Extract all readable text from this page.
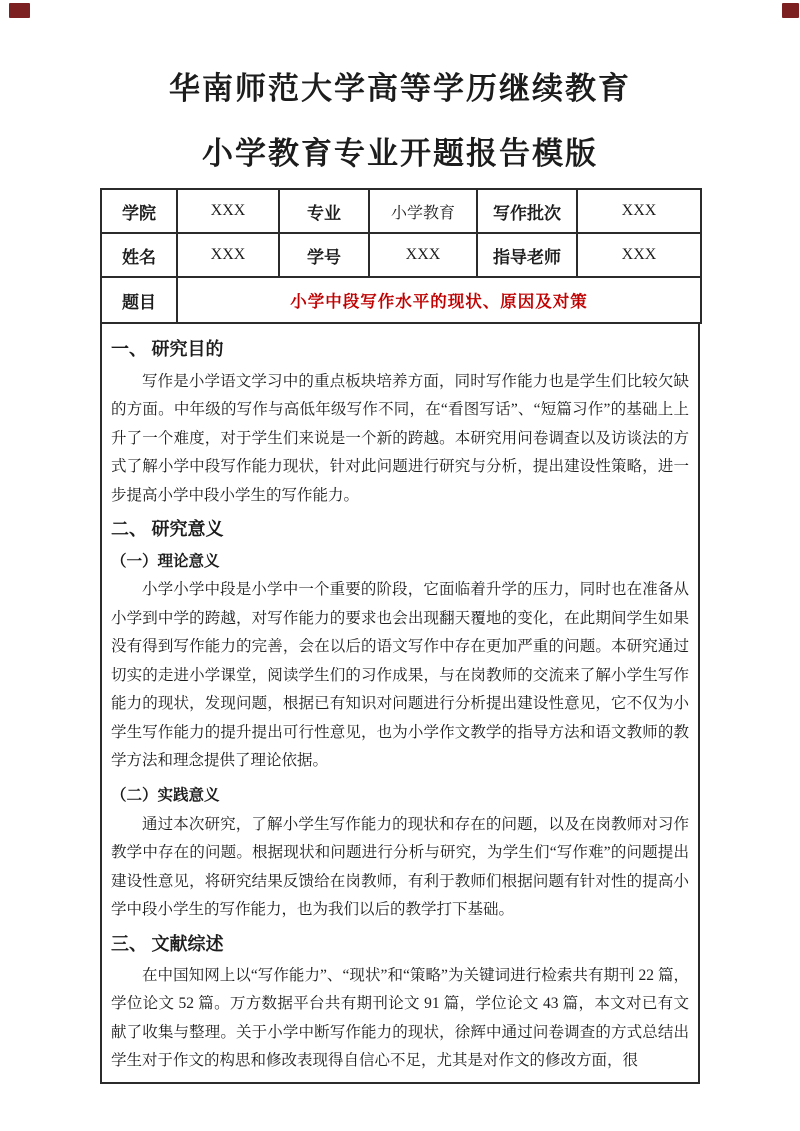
华南师范大学高等学历继续教育
小学教育专业开题报告模版
学院	XXX	专业	小学教育	写作批次	XXX
姓名	XXX	学号	XXX	指导老师	XXX
题目	小学中段写作水平的现状、原因及对策				
一、 研究目的

写作是小学语文学习中的重点板块培养方面，同时写作能力也是学生们比较欠缺的方面。中年级的写作与高低年级写作不同，在“看图写话”、“短篇习作”的基础上上升了一个难度，对于学生们来说是一个新的跨越。本研究用问卷调查以及访谈法的方式了解小学中段写作能力现状，针对此问题进行研究与分析，提出建设性策略，进一步提高小学中段小学生的写作能力。

二、 研究意义
（一）理论意义

小学小学中段是小学中一个重要的阶段，它面临着升学的压力，同时也在准备从小学到中学的跨越，对写作能力的要求也会出现翻天覆地的变化，在此期间学生如果没有得到写作能力的完善，会在以后的语文写作中存在更加严重的问题。本研究通过切实的走进小学课堂，阅读学生们的习作成果，与在岗教师的交流来了解小学生写作能力的现状，发现问题，根据已有知识对问题进行分析提出建设性意见，它不仅为小学生写作能力的提升提出可行性意见，也为小学作文教学的指导方法和语文教师的教学方法和理念提供了理论依据。

（二）实践意义

通过本次研究，了解小学生写作能力的现状和存在的问题，以及在岗教师对习作教学中存在的问题。根据现状和问题进行分析与研究，为学生们“写作难”的问题提出建设性意见，将研究结果反馈给在岗教师，有利于教师们根据问题有针对性的提高小学中段小学生的写作能力，也为我们以后的教学打下基础。

三、 文献综述

在中国知网上以“写作能力”、“现状”和“策略”为关键词进行检索共有期刊 22 篇，学位论文 52 篇。万方数据平台共有期刊论文 91 篇，学位论文 43 篇，本文对已有文献了收集与整理。关于小学中断写作能力的现状，徐辉中通过问卷调查的方式总结出学生对于作文的构思和修改表现得自信心不足，尤其是对作文的修改方面，很
